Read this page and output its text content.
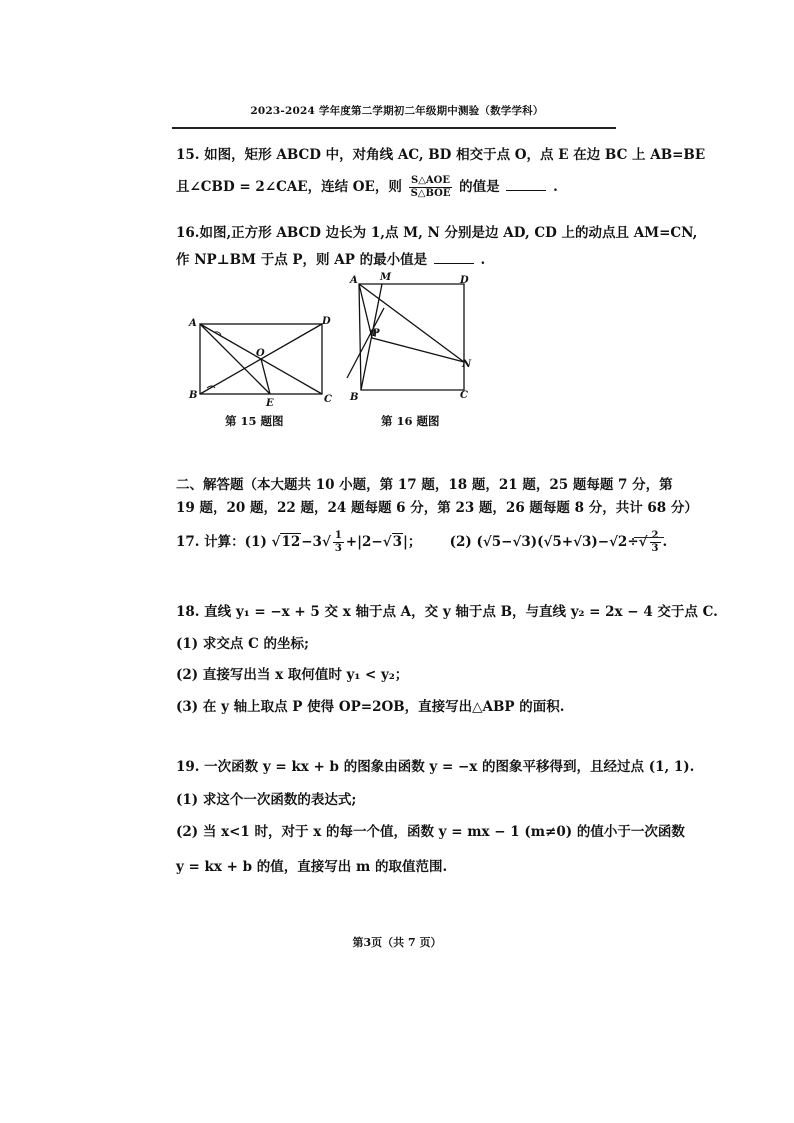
2023-2024 学年度第二学期初二年级期中测验（数学学科）
15. 如图，矩形 ABCD 中，对角线 AC, BD 相交于点 O，点 E 在边 BC 上 AB=BE
且∠CBD = 2∠CAE，连结 OE，则 $\frac{\text{S△AOE}}{\text{S△BOE}}$ 的值是	.
16.如图,正方形 ABCD 边长为 1,点 M, N 分别是边 AD, CD 上的动点且 AM=CN,
作 NP⊥BM 于点 P，则 AP 的最小值是	.
A
B	C
D
O
E
A M	D
P
N
B	C
第 15 题图	第 16 题图
二、解答题（本大题共 10 小题，第 17 题，18 题，21 题，25 题每题 7 分，第
19 题，20 题，22 题，24 题每题 6 分，第 23 题，26 题每题 8 分，共计 68 分）
17. 计算：(1) $√12-3√ \frac{1}{3} +|2-√3|$； (2) $(√5-√3)(√5+√3)-√2\div√ \frac{2}{3}$ .
18. 直线 y₁ = −x + 5 交 x 轴于点 A，交 y 轴于点 B，与直线 y₂ = 2x − 4 交于点 C.
(1) 求交点 C 的坐标;
(2) 直接写出当 x 取何值时 y₁ < y₂；
(3) 在 y 轴上取点 P 使得 OP=2OB，直接写出△ABP 的面积.
19. 一次函数 y = kx + b 的图象由函数 y = −x 的图象平移得到，且经过点 (1, 1).
(1) 求这个一次函数的表达式;
(2) 当 x<1 时，对于 x 的每一个值，函数 y = mx − 1 (m≠0) 的值小于一次函数
y = kx + b 的值，直接写出 m 的取值范围.
第3页（共 7 页）
